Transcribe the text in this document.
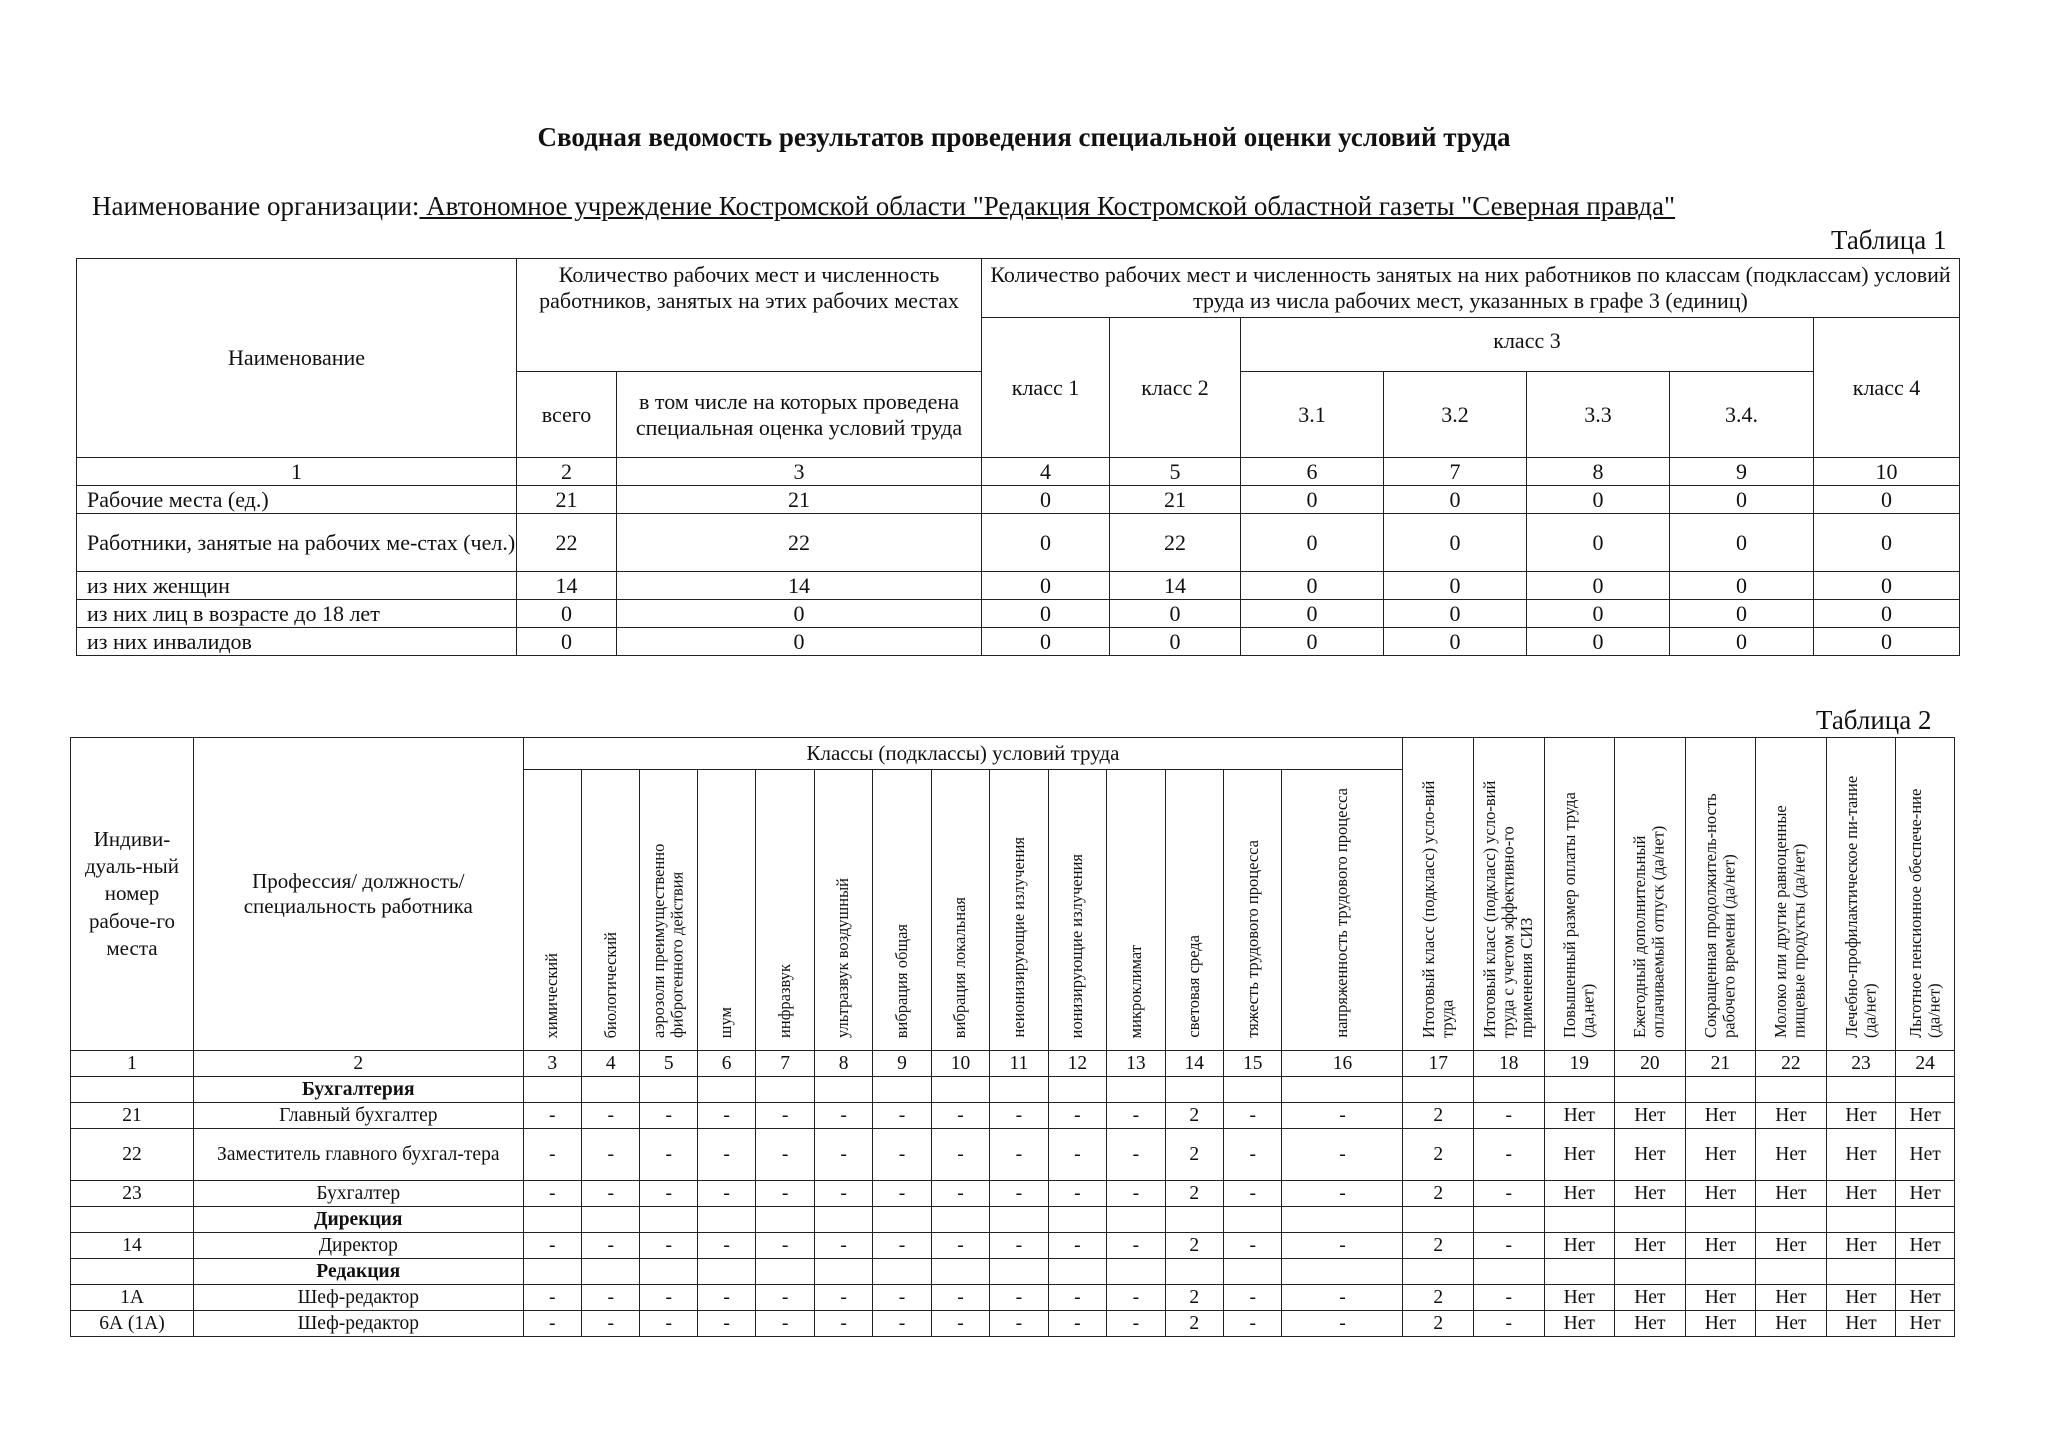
Сводная ведомость результатов проведения специальной оценки условий труда
Наименование организации: Автономное учреждение Костромской области "Редакция Костромской областной газеты "Северная правда"
Таблица 1
Наименование	Количество рабочих мест и численность работников, занятых на этих рабочих местах		Количество рабочих мест и численность занятых на них работников по классам (подклассам) условий труда из числа рабочих мест, указанных в графе 3 (единиц)						
			класс 1	класс 2	класс 3				класс 4
	всего	в том числе на которых проведена специальная оценка условий труда			3.1	3.2	3.3	3.4.	
1	2	3	4	5	6	7	8	9	10
Рабочие места (ед.)	21	21	0	21	0	0	0	0	0
Работники, занятые на рабочих ме-стах (чел.)	22	22	0	22	0	0	0	0	0
из них женщин	14	14	0	14	0	0	0	0	0
из них лиц в возрасте до 18 лет	0	0	0	0	0	0	0	0	0
из них инвалидов	0	0	0	0	0	0	0	0	0
Таблица 2
Индиви-дуаль-ный номер рабоче-го места	Профессия/ должность/ специальность работника	Классы (подклассы) условий труда														Итоговый класс (подкласс) усло-вий труда	Итоговый класс (подкласс) усло-вий труда с учетом эффективно-го применения СИЗ	Повышенный размер оплаты труда (да,нет)	Ежегодный дополнительный оплачиваемый отпуск (да/нет)	Сокращенная продолжитель-ность рабочего времени (да/нет)	Молоко или другие равноценные пищевые продукты (да/нет)	Лечебно-профилактическое пи-тание (да/нет)	Льготное пенсионное обеспече-ние (да/нет)
		химический	биологический	аэрозоли преимущественно фиброгенного действия	шум	инфразвук	ультразвук воздушный	вибрация общая	вибрация локальная	неионизирующие излучения	ионизирующие излучения	микроклимат	световая среда	тяжесть трудового процесса	напряженность трудового процесса								
1	2	3	4	5	6	7	8	9	10	11	12	13	14	15	16	17	18	19	20	21	22	23	24
	Бухгалтерия																						
21	Главный бухгалтер	-	-	-	-	-	-	-	-	-	-	-	2	-	-	2	-	Нет	Нет	Нет	Нет	Нет	Нет
22	Заместитель главного бухгал-тера	-	-	-	-	-	-	-	-	-	-	-	2	-	-	2	-	Нет	Нет	Нет	Нет	Нет	Нет
23	Бухгалтер	-	-	-	-	-	-	-	-	-	-	-	2	-	-	2	-	Нет	Нет	Нет	Нет	Нет	Нет
	Дирекция																						
14	Директор	-	-	-	-	-	-	-	-	-	-	-	2	-	-	2	-	Нет	Нет	Нет	Нет	Нет	Нет
	Редакция																						
1А	Шеф-редактор	-	-	-	-	-	-	-	-	-	-	-	2	-	-	2	-	Нет	Нет	Нет	Нет	Нет	Нет
6А (1А)	Шеф-редактор	-	-	-	-	-	-	-	-	-	-	-	2	-	-	2	-	Нет	Нет	Нет	Нет	Нет	Нет
